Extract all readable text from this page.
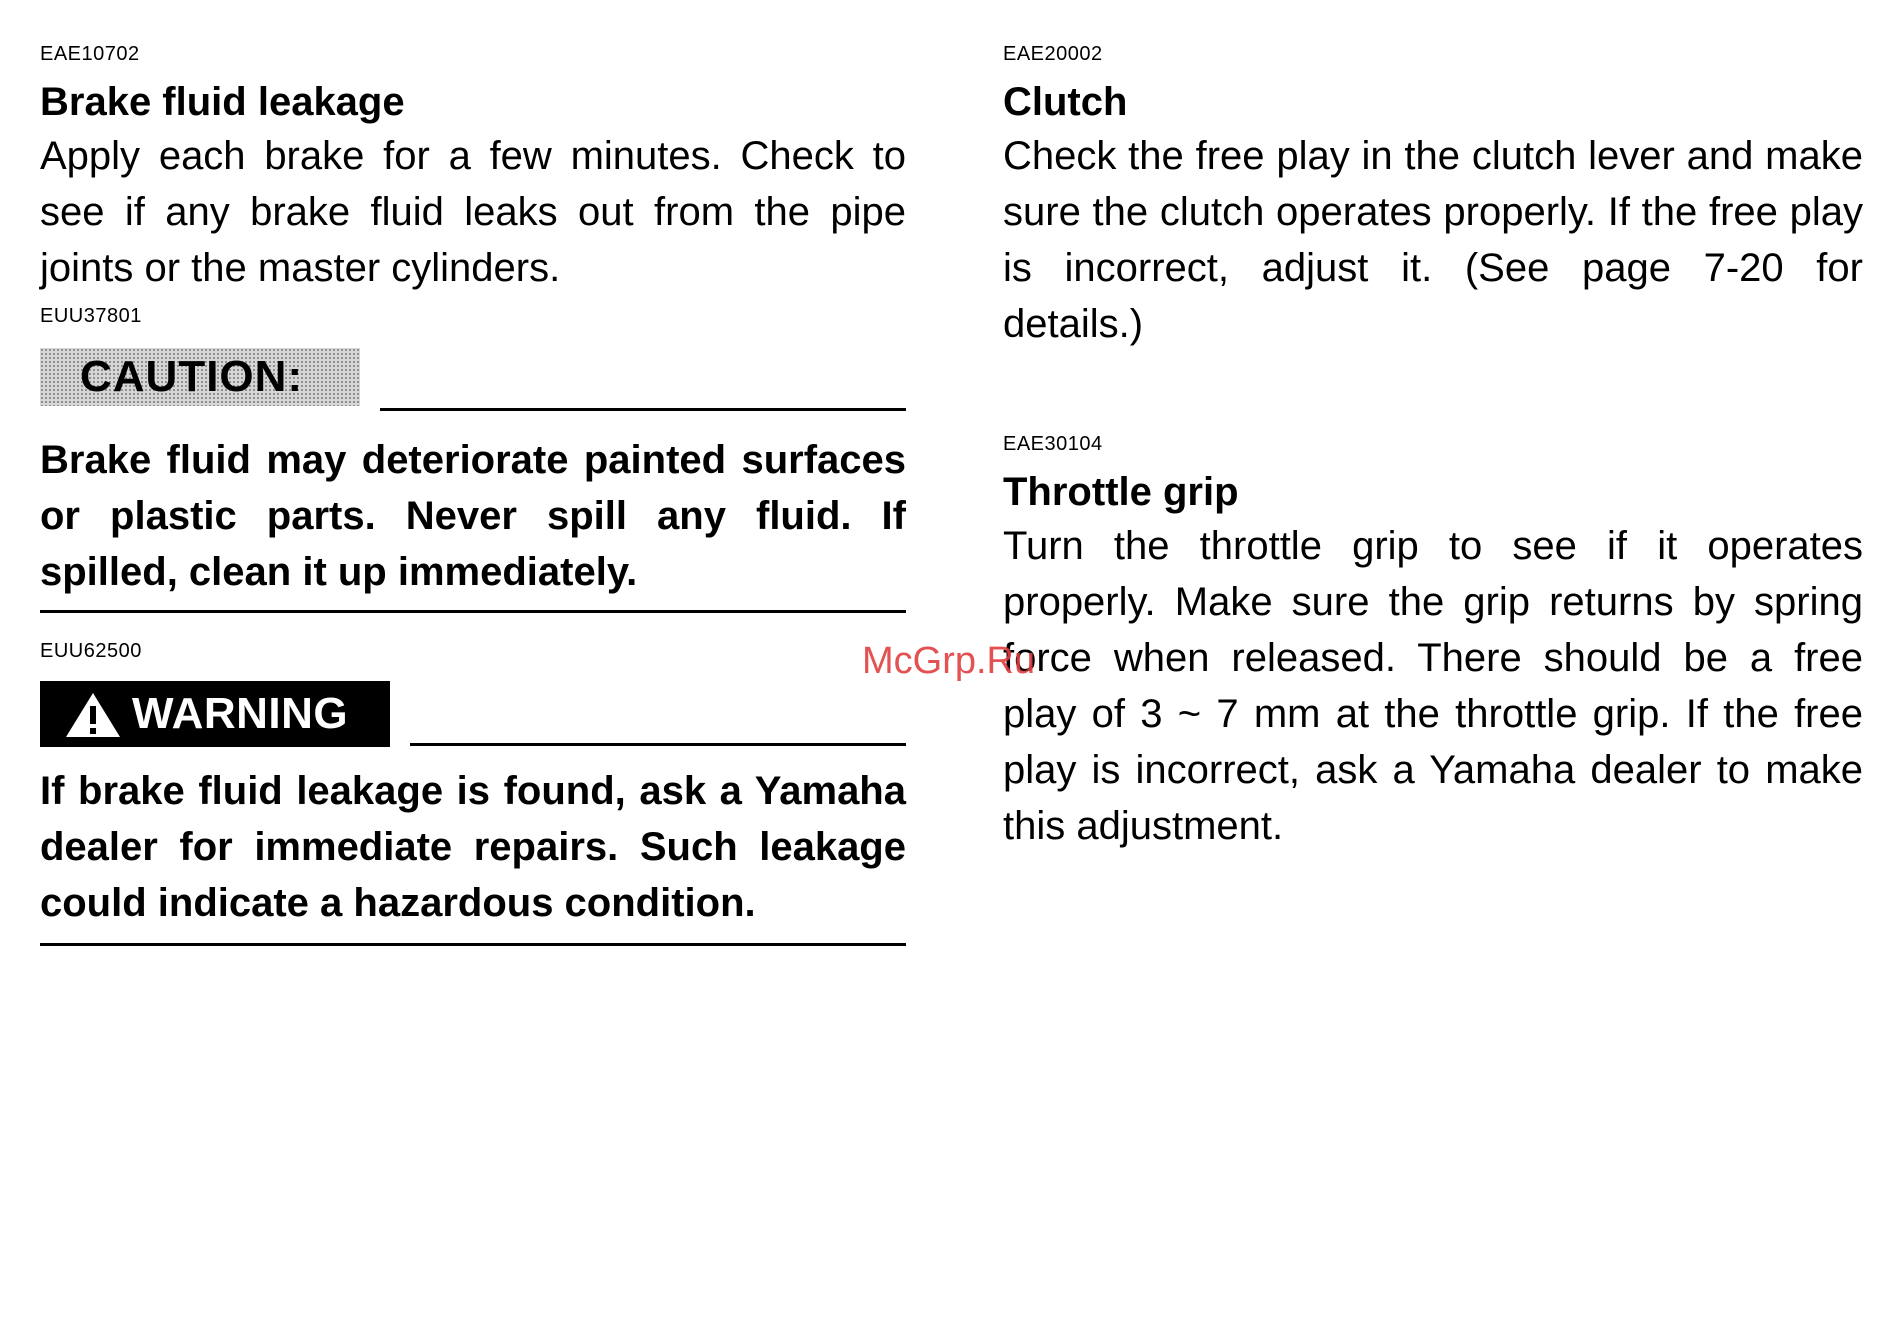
EAE10702
Brake fluid leakage
Apply each brake for a few minutes. Check to see if any brake fluid leaks out from the pipe joints or the master cylinders.
EUU37801
CAUTION:
Brake fluid may deteriorate painted surfaces or plastic parts. Never spill any fluid. If spilled, clean it up immediately.
EUU62500
WARNING
If brake fluid leakage is found, ask a Yamaha dealer for immediate repairs. Such leakage could indicate a hazardous condition.
EAE20002
Clutch
Check the free play in the clutch lever and make sure the clutch operates properly. If the free play is incorrect, adjust it. (See page 7-20 for details.)
EAE30104
Throttle grip
Turn the throttle grip to see if it operates properly. Make sure the grip returns by spring force when released. There should be a free play of 3 ~ 7 mm at the throttle grip. If the free play is incorrect, ask a Yamaha dealer to make this adjustment.
McGrp.Ru
